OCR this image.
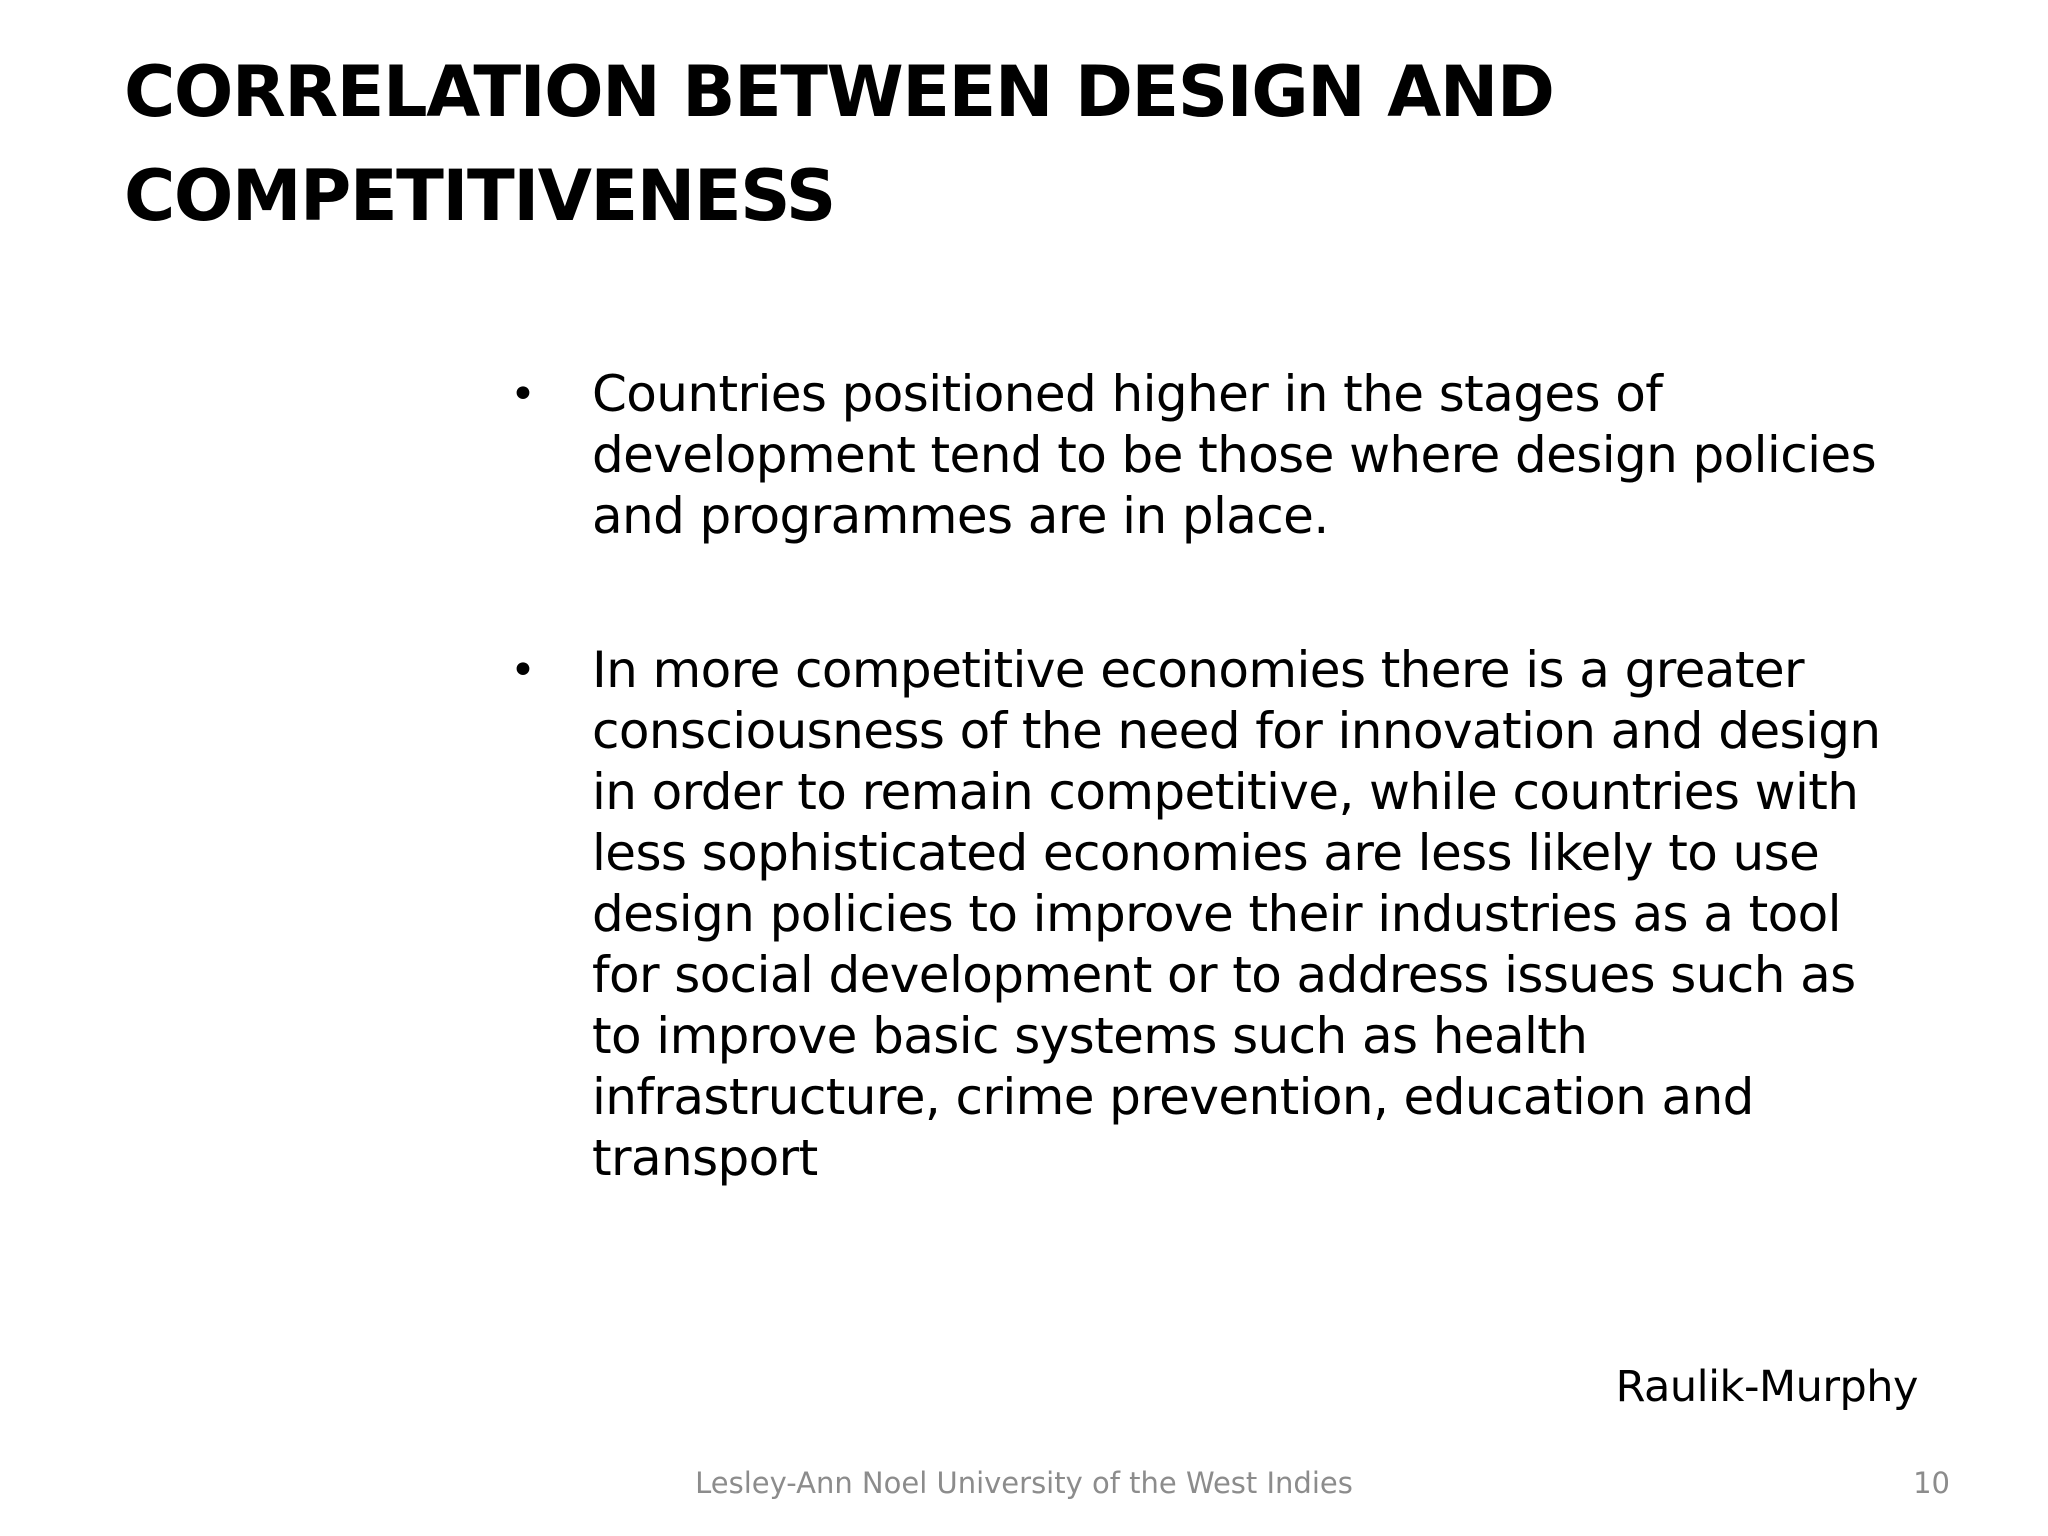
CORRELATION BETWEEN DESIGN AND
COMPETITIVENESS
• Countries positioned higher in the stages of
development tend to be those where design policies
and programmes are in place.
• In more competitive economies there is a greater
consciousness of the need for innovation and design
in order to remain competitive, while countries with
less sophisticated economies are less likely to use
design policies to improve their industries as a tool
for social development or to address issues such as
to improve basic systems such as health
infrastructure, crime prevention, education and
transport
Raulik-Murphy
Lesley-Ann Noel University of the West Indies	10
